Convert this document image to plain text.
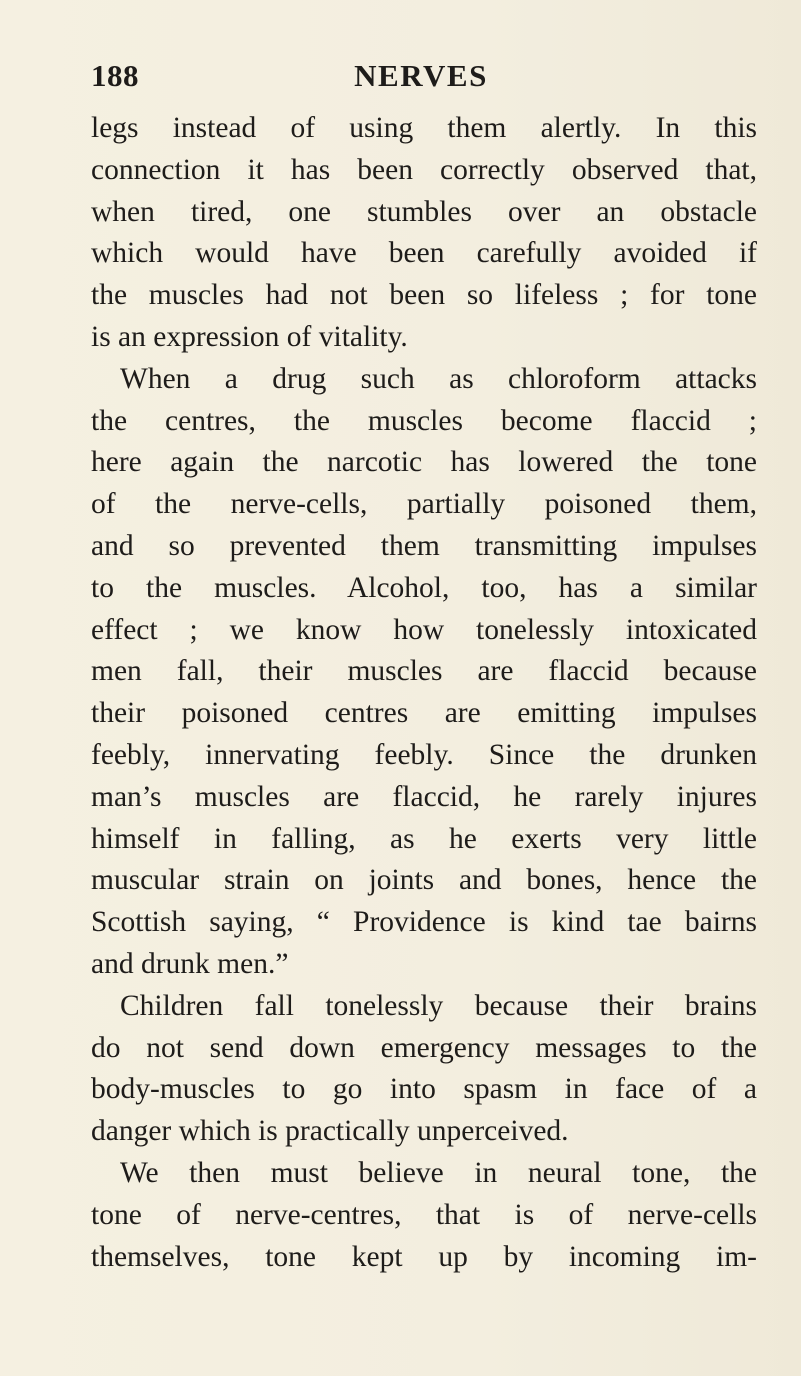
188	NERVES
legs instead of using them alertly. In this
connection it has been correctly observed that,
when tired, one stumbles over an obstacle
which would have been carefully avoided if
the muscles had not been so lifeless ; for tone
is an expression of vitality.
When a drug such as chloroform attacks
the centres, the muscles become flaccid ;
here again the narcotic has lowered the tone
of the nerve-cells, partially poisoned them,
and so prevented them transmitting impulses
to the muscles. Alcohol, too, has a similar
effect ; we know how tonelessly intoxicated
men fall, their muscles are flaccid because
their poisoned centres are emitting impulses
feebly, innervating feebly. Since the drunken
man’s muscles are flaccid, he rarely injures
himself in falling, as he exerts very little
muscular strain on joints and bones, hence the
Scottish saying, “ Providence is kind tae bairns
and drunk men.”
Children fall tonelessly because their brains
do not send down emergency messages to the
body-muscles to go into spasm in face of a
danger which is practically unperceived.
We then must believe in neural tone, the
tone of nerve-centres, that is of nerve-cells
themselves, tone kept up by incoming im-
